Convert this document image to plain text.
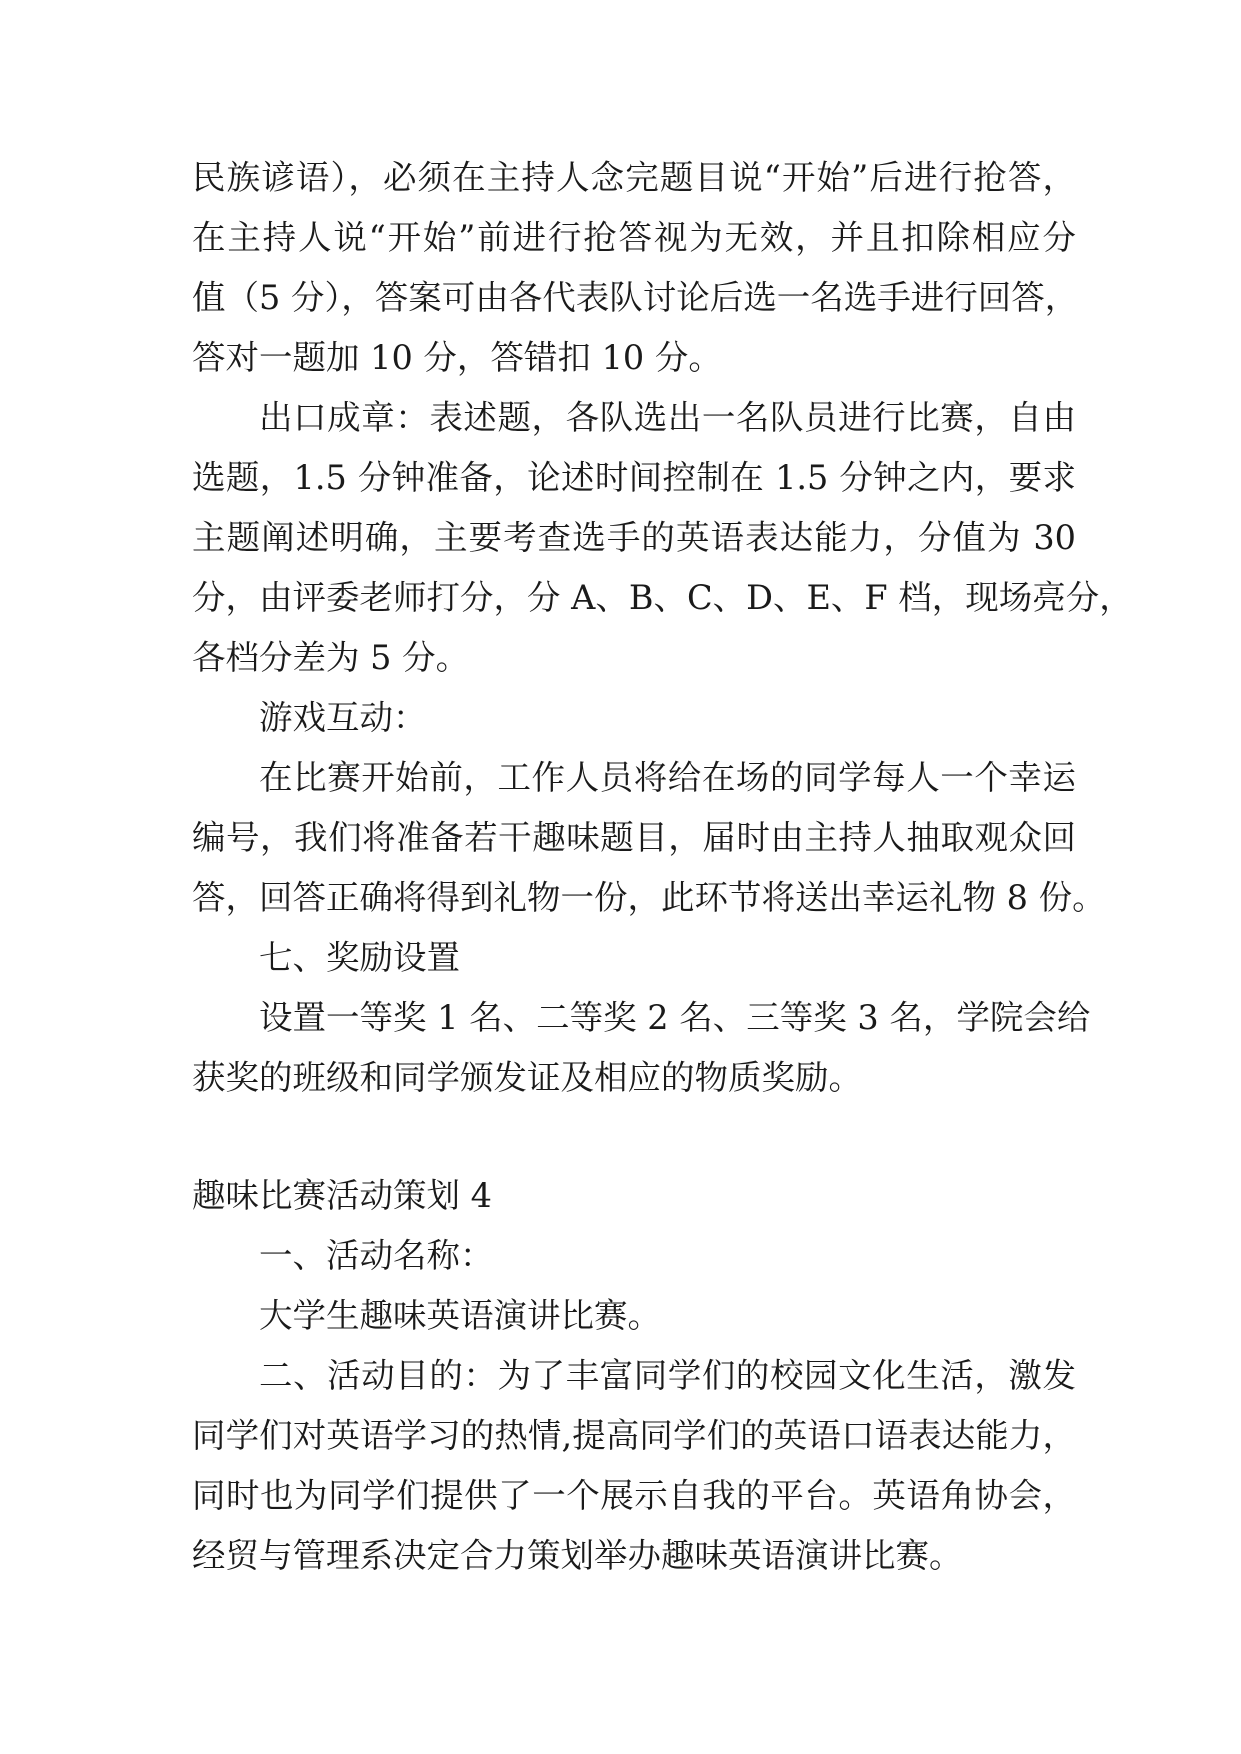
民族谚语），必须在主持人念完题目说“开始”后进行抢答，
在主持人说“开始”前进行抢答视为无效，并且扣除相应分
值（5 分），答案可由各代表队讨论后选一名选手进行回答，
答对一题加 10 分，答错扣 10 分。
出口成章：表述题，各队选出一名队员进行比赛，自由
选题，1.5 分钟准备，论述时间控制在 1.5 分钟之内，要求
主题阐述明确，主要考查选手的英语表达能力，分值为 30
分，由评委老师打分，分 A、B、C、D、E、F 档，现场亮分，
各档分差为 5 分。
游戏互动：
在比赛开始前，工作人员将给在场的同学每人一个幸运
编号，我们将准备若干趣味题目，届时由主持人抽取观众回
答，回答正确将得到礼物一份，此环节将送出幸运礼物 8 份。
七、奖励设置
设置一等奖 1 名、二等奖 2 名、三等奖 3 名，学院会给
获奖的班级和同学颁发证及相应的物质奖励。
趣味比赛活动策划 4
一、活动名称：
大学生趣味英语演讲比赛。
二、活动目的：为了丰富同学们的校园文化生活，激发
同学们对英语学习的热情,提高同学们的英语口语表达能力，
同时也为同学们提供了一个展示自我的平台。英语角协会，
经贸与管理系决定合力策划举办趣味英语演讲比赛。
